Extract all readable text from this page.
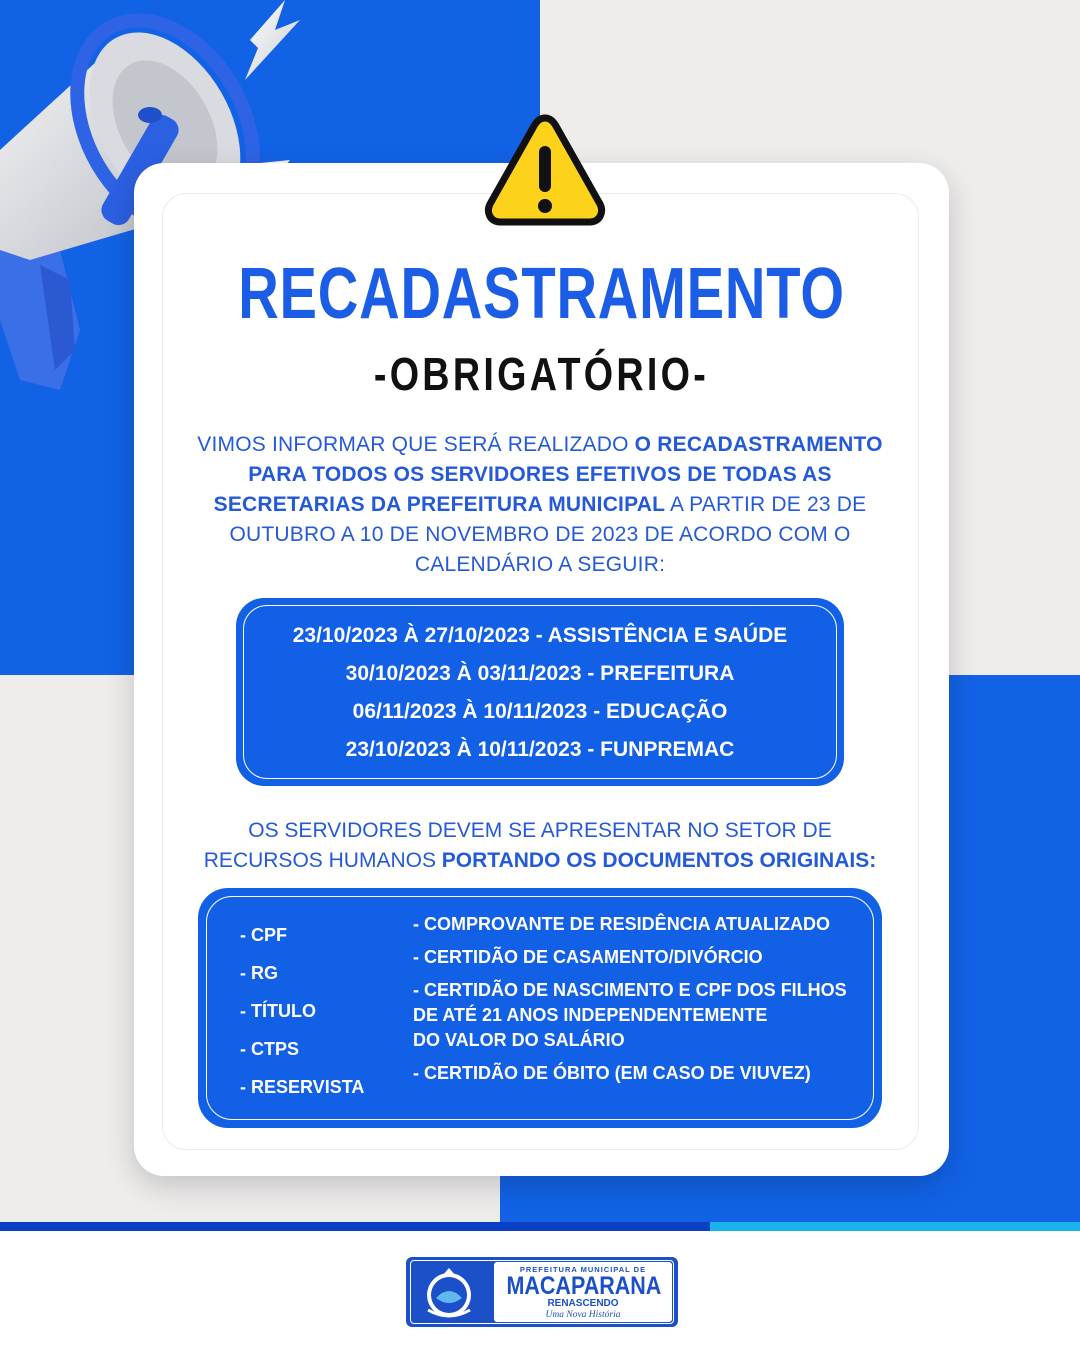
RECADASTRAMENTO
-OBRIGATÓRIO-
VIMOS INFORMAR QUE SERÁ REALIZADO O RECADASTRAMENTO PARA TODOS OS SERVIDORES EFETIVOS DE TODAS AS SECRETARIAS DA PREFEITURA MUNICIPAL A PARTIR DE 23 DE OUTUBRO A 10 DE NOVEMBRO DE 2023 DE ACORDO COM O CALENDÁRIO A SEGUIR:
23/10/2023 À 27/10/2023 - ASSISTÊNCIA E SAÚDE
30/10/2023 À 03/11/2023 - PREFEITURA
06/11/2023 À 10/11/2023 - EDUCAÇÃO
23/10/2023 À 10/11/2023 - FUNPREMAC
OS SERVIDORES DEVEM SE APRESENTAR NO SETOR DE RECURSOS HUMANOS PORTANDO OS DOCUMENTOS ORIGINAIS:
- CPF
- RG
- TÍTULO
- CTPS
- RESERVISTA
- COMPROVANTE DE RESIDÊNCIA ATUALIZADO
- CERTIDÃO DE CASAMENTO/DIVÓRCIO
- CERTIDÃO DE NASCIMENTO E CPF DOS FILHOS
DE ATÉ 21 ANOS INDEPENDENTEMENTE
DO VALOR DO SALÁRIO
- CERTIDÃO DE ÓBITO (EM CASO DE VIUVEZ)
PREFEITURA MUNICIPAL DE
MACAPARANA
RENASCENDO
Uma Nova História
